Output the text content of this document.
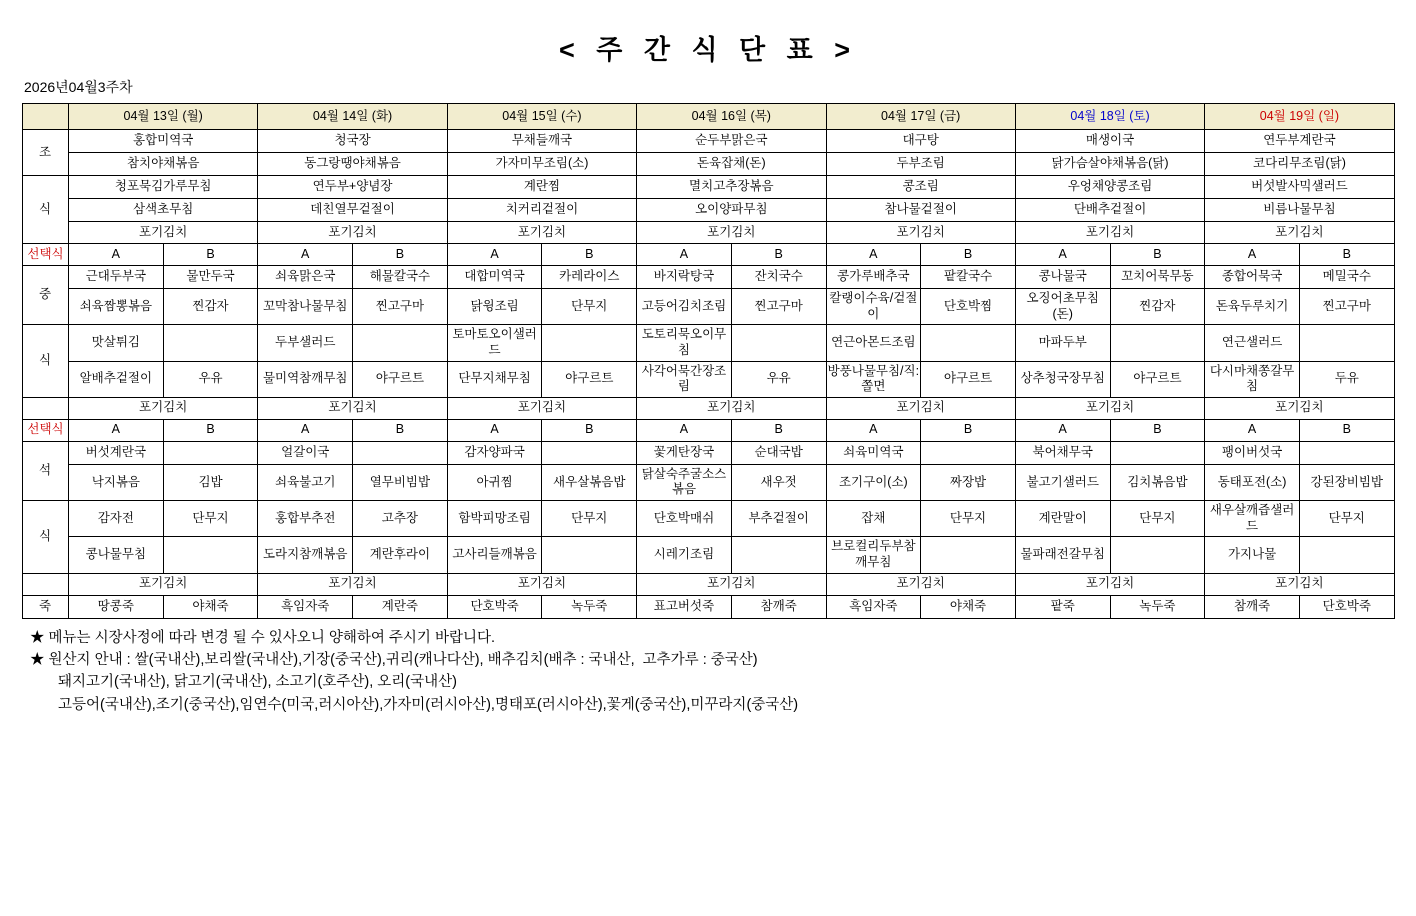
< 주 간 식 단 표 >
2026년04월3주차
	04월 13일 (월)		04월 14일 (화)		04월 15일 (수)		04월 16일 (목)		04월 17일 (금)		04월 18일 (토)		04월 19일 (일)	
조	홍합미역국		청국장		무채들깨국		순두부맑은국		대구탕		매생이국		연두부계란국	
	참치야채볶음		동그랑땡야채볶음		가자미무조림(소)		돈육잡채(돈)		두부조림		닭가슴살야채볶음(닭)		코다리무조림(닭)	
식	청포묵김가루무침		연두부+양념장		계란찜		멸치고추장볶음		콩조림		우엉채양콩조림		버섯발사믹샐러드	
	삼색초무침		데친열무겉절이		치커리겉절이		오이양파무침		참나물겉절이		단배추겉절이		비름나물무침	
	포기김치		포기김치		포기김치		포기김치		포기김치		포기김치		포기김치	
선택식	A	B	A	B	A	B	A	B	A	B	A	B	A	B
중	근대두부국	물만두국	쇠육맑은국	해물칼국수	대합미역국	카레라이스	바지락탕국	잔치국수	콩가루배추국	팥칼국수	콩나물국	꼬치어묵무동	종합어묵국	메밀국수
	쇠육짬뽕볶음	찐감자	꼬막참나물무침	찐고구마	닭윙조림	단무지	고등어김치조림	찐고구마	칼랭이수육/겉절이	단호박찜	오징어초무침(돈)	찐감자	돈육두루치기	찐고구마
식	맛살튀김		두부샐러드		토마토오이샐러드		도토리묵오이무침		연근아몬드조림		마파두부		연근샐러드	
	알배추겉절이	우유	물미역참깨무침	야구르트	단무지채무침	야구르트	사각어묵간장조림	우유	방풍나물무침/직:쫄면	야구르트	상추청국장무침	야구르트	다시마채쫑갈무침	두유
	포기김치		포기김치		포기김치		포기김치		포기김치		포기김치		포기김치	
선택식	A	B	A	B	A	B	A	B	A	B	A	B	A	B
석	버섯계란국		얼갈이국		감자양파국		꽃게탄장국	순대국밥	쇠육미역국		북어채무국		팽이버섯국	
	낙지볶음	김밥	쇠육불고기	열무비빔밥	아귀찜	새우살볶음밥	닭살숙주굴소스볶음	새우젓	조기구이(소)	짜장밥	불고기샐러드	김치볶음밥	동태포전(소)	강된장비빔밥
식	감자전	단무지	홍합부추전	고추장	함박피망조림	단무지	단호박매쉬	부추겉절이	잡채	단무지	계란말이	단무지	새우살깨즙샐러드	단무지
	콩나물무침		도라지참깨볶음	계란후라이	고사리들깨볶음		시레기조림		브로컬리두부참깨무침		물파래전갈무침		가지나물	
	포기김치		포기김치		포기김치		포기김치		포기김치		포기김치		포기김치	
죽	땅콩죽	야채죽	흑임자죽	계란죽	단호박죽	녹두죽	표고버섯죽	참깨죽	흑임자죽	야채죽	팥죽	녹두죽	참깨죽	단호박죽
★ 메뉴는 시장사정에 따라 변경 될 수 있사오니 양해하여 주시기 바랍니다.
★ 원산지 안내 : 쌀(국내산),보리쌀(국내산),기장(중국산),귀리(캐나다산), 배추김치(배추 : 국내산,  고추가루 : 중국산)
돼지고기(국내산), 닭고기(국내산), 소고기(호주산), 오리(국내산)
고등어(국내산),조기(중국산),임연수(미국,러시아산),가자미(러시아산),명태포(러시아산),꽃게(중국산),미꾸라지(중국산)
